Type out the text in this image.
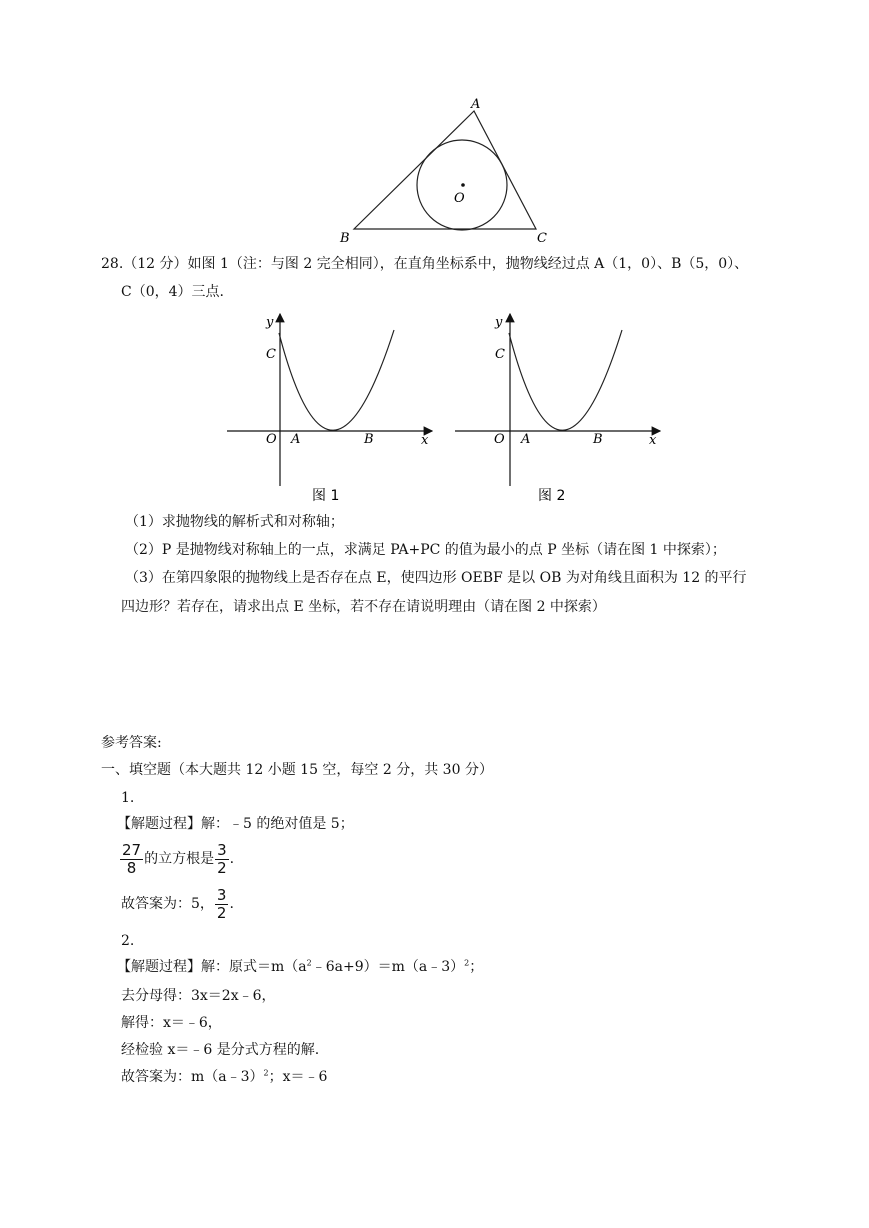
A
B	C
O
28.（12 分）如图 1（注：与图 2 完全相同），在直角坐标系中，抛物线经过点 A（1，0）、B（5，0）、
C（0，4）三点.
y
C
O A	B	x
图 1
y
C
O A	B	x
图 2
（1）求抛物线的解析式和对称轴；
（2）P 是抛物线对称轴上的一点，求满足 PA+PC 的值为最小的点 P 坐标（请在图 1 中探索）；
（3）在第四象限的抛物线上是否存在点 E，使四边形 OEBF 是以 OB 为对角线且面积为 12 的平行
四边形？若存在，请求出点 E 坐标，若不存在请说明理由（请在图 2 中探索）
参考答案:
一、填空题（本大题共 12 小题 15 空，每空 2 分，共 30 分）
1.
【解题过程】解：﹣5 的绝对值是 5；
$\frac{27}{8}$ 的立方根是 $\frac{3}{2}$ .
故答案为：5， $\frac{3}{2}$ .
2.
【解题过程】解：原式$=m(a^2﹣6a+9)=m(a﹣3)^2$；
去分母得：3x＝2x﹣6，
解得：x＝﹣6，
经检验 x＝﹣6 是分式方程的解.
故答案为：m（a﹣3）$^2$；x＝﹣6
